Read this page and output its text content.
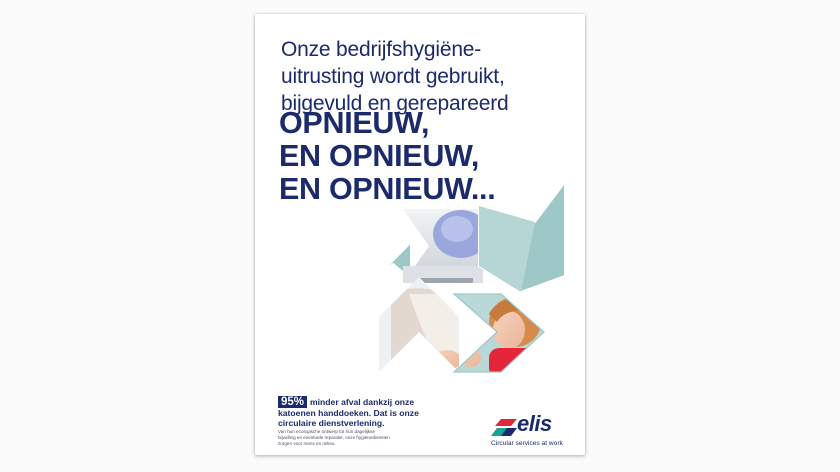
Onze bedrijfshygiëne-
uitrusting wordt gebruikt,
bijgevuld en gerepareerd
OPNIEUW,
EN OPNIEUW,
EN OPNIEUW...
95% minder afval dankzij onze
katoenen handdoeken. Dat is onze
circulaire dienstverlening.
Van hun ecologische ontwerp tot hun dagelijkse
bijvulling en eventuele reparatie, onze hygiënediensten
zorgen voor mens en milieu.
elis
Circular services at work
